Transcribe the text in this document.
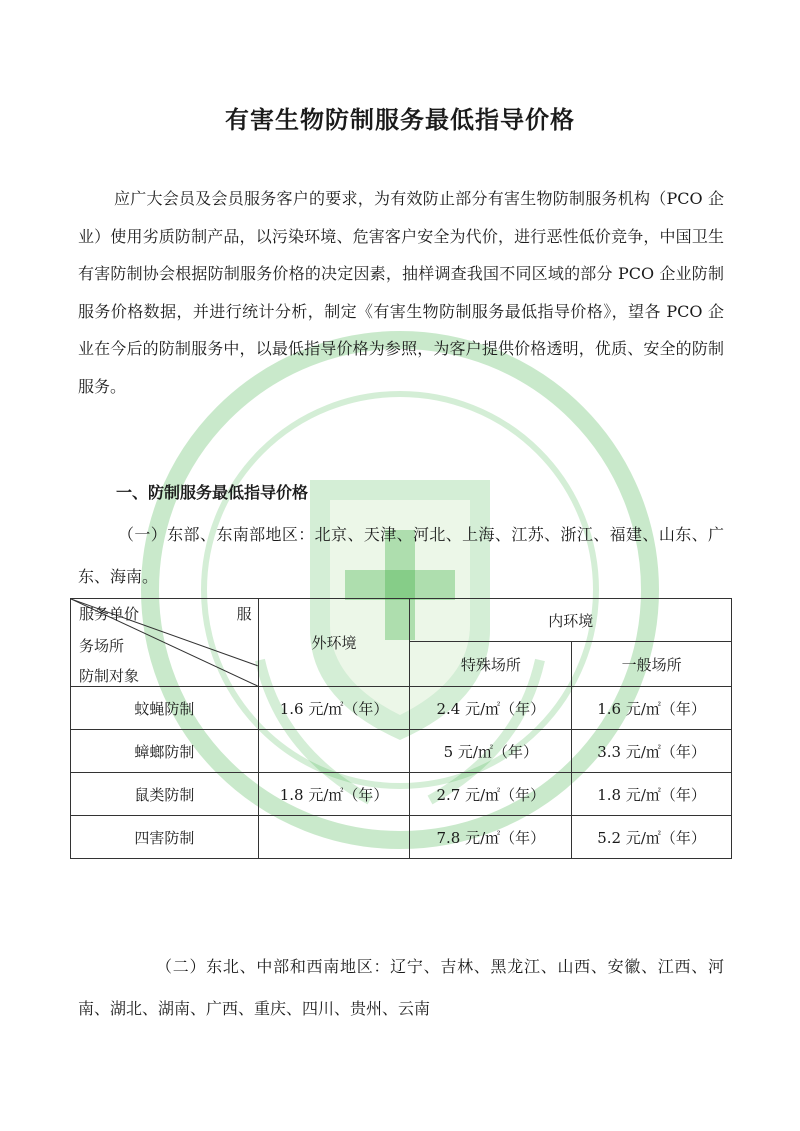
有害生物防制服务最低指导价格

应广大会员及会员服务客户的要求，为有效防止部分有害生物防制服务机构（PCO 企业）使用劣质防制产品，以污染环境、危害客户安全为代价，进行恶性低价竞争，中国卫生有害防制协会根据防制服务价格的决定因素，抽样调查我国不同区域的部分 PCO 企业防制服务价格数据，并进行统计分析，制定《有害生物防制服务最低指导价格》，望各 PCO 企业在今后的防制服务中，以最低指导价格为参照，为客户提供价格透明，优质、安全的防制服务。

一、防制服务最低指导价格

（一）东部、东南部地区：北京、天津、河北、上海、江苏、浙江、福建、山东、广东、海南。

服务单价 服
务场所
防制对象	外环境	内环境	
		特殊场所	一般场所
蚊蝇防制	1.6 元/㎡（年）	2.4 元/㎡（年）	1.6 元/㎡（年）
蟑螂防制		5 元/㎡（年）	3.3 元/㎡（年）
鼠类防制	1.8 元/㎡（年）	2.7 元/㎡（年）	1.8 元/㎡（年）
四害防制		7.8 元/㎡（年）	5.2 元/㎡（年）

（二）东北、中部和西南地区：辽宁、吉林、黑龙江、山西、安徽、江西、河南、湖北、湖南、广西、重庆、四川、贵州、云南
